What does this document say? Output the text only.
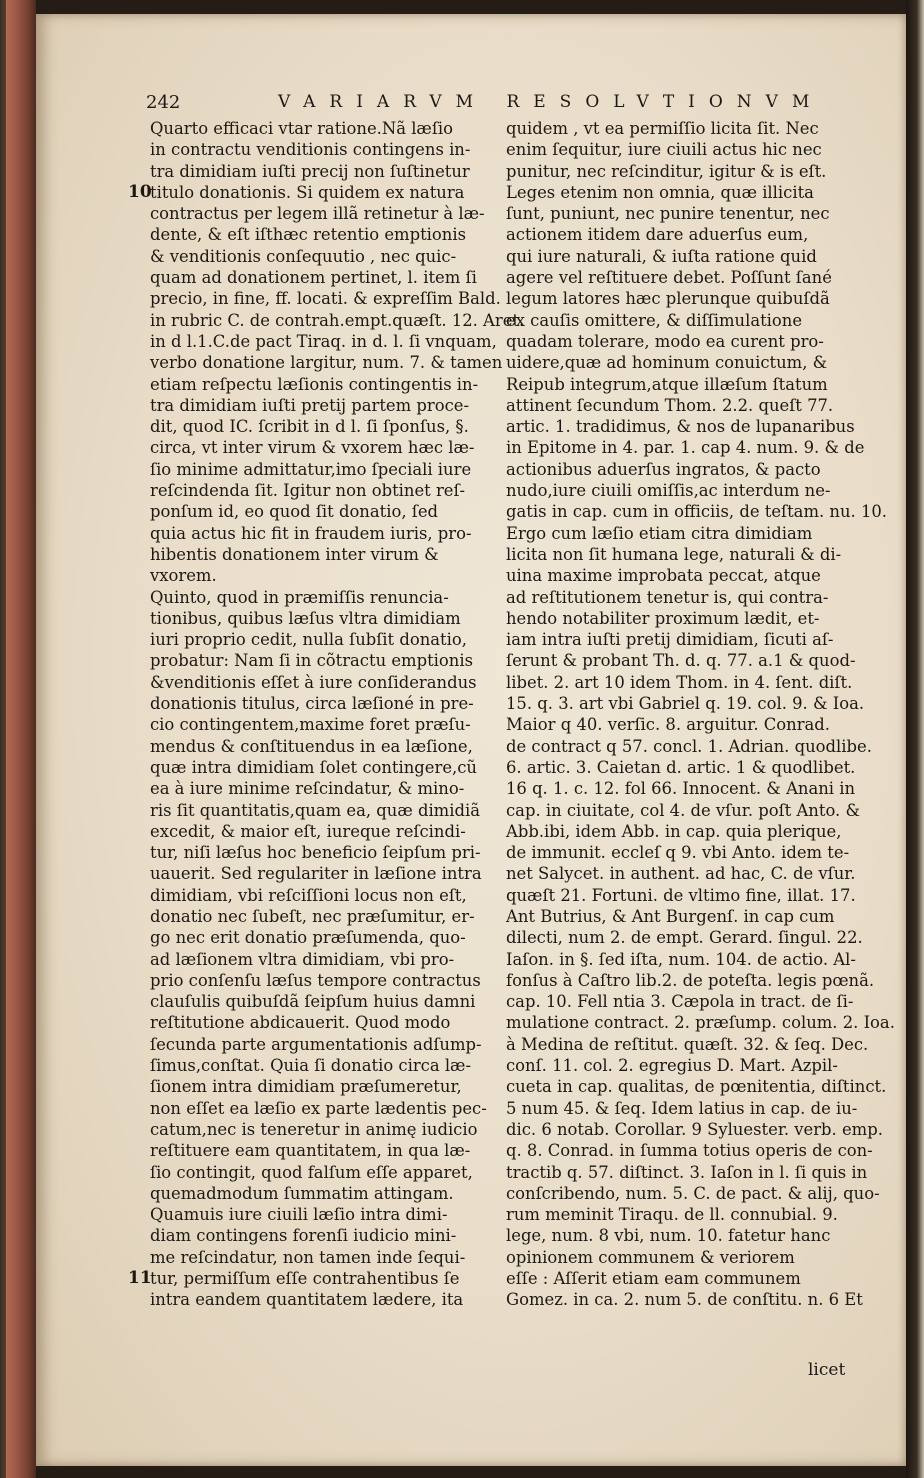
242	VARIARVM RESOLVTIONVM
10
11
Quarto efficaci vtar ratione.Nã læſio
in contractu venditionis contingens in-
tra dimidiam iuſti precij non ſuſtinetur
titulo donationis. Si quidem ex natura
contractus per legem illã retinetur à læ-
dente, & eſt iſthæc retentio emptionis
& venditionis conſequutio , nec quic-
quam ad donationem pertinet, l. item ſi
precio, in fine, ff. locati. & expreſſim Bald.
in rubric C. de contrah.empt.quæſt. 12. Aret.
in d l.1.C.de pact Tiraq. in d. l. ſi vnquam,
verbo donatione largitur, num. 7. & tamen
etiam reſpectu læſionis contingentis in-
tra dimidiam iuſti pretij partem proce-
dit, quod IC. ſcribit in d l. ſi ſponſus, §.
circa, vt inter virum & vxorem hæc læ-
ſio minime admittatur,imo ſpeciali iure
reſcindenda ſit. Igitur non obtinet reſ-
ponſum id, eo quod ſit donatio, ſed
quia actus hic fit in fraudem iuris, pro-
hibentis donationem inter virum &
vxorem.
Quinto, quod in præmiſſis renuncia-
tionibus, quibus læſus vltra dimidiam
iuri proprio cedit, nulla ſubſit donatio,
probatur: Nam ſi in cõtractu emptionis
&venditionis eſſet à iure conſiderandus
donationis titulus, circa læſioné in pre-
cio contingentem,maxime foret præſu-
mendus & conſtituendus in ea læſione,
quæ intra dimidiam ſolet contingere,cũ
ea à iure minime reſcindatur, & mino-
ris ſit quantitatis,quam ea, quæ dimidiã
excedit, & maior eſt, iureque reſcindi-
tur, niſi læſus hoc beneficio ſeipſum pri-
uauerit. Sed regulariter in læſione intra
dimidiam, vbi reſciſſioni locus non eſt,
donatio nec ſubeſt, nec præſumitur, er-
go nec erit donatio præſumenda, quo-
ad læſionem vltra dimidiam, vbi pro-
prio conſenſu læſus tempore contractus
clauſulis quibuſdã ſeipſum huius damni
reſtitutione abdicauerit. Quod modo
ſecunda parte argumentationis adſump-
ſimus,conſtat. Quia ſi donatio circa læ-
ſionem intra dimidiam præſumeretur,
non eſſet ea læſio ex parte lædentis pec-
catum,nec is teneretur in animę iudicio
reſtituere eam quantitatem, in qua læ-
ſio contingit, quod falſum eſſe apparet,
quemadmodum ſummatim attingam.
Quamuis iure ciuili læſio intra dimi-
diam contingens forenſi iudicio mini-
me reſcindatur, non tamen inde ſequi-
tur, permiſſum eſſe contrahentibus ſe
intra eandem quantitatem lædere, ita
quidem , vt ea permiſſio licita ſit. Nec
enim ſequitur, iure ciuili actus hic nec
punitur, nec reſcinditur, igitur & is eſt.
Leges etenim non omnia, quæ illicita
ſunt, puniunt, nec punire tenentur, nec
actionem itidem dare aduerſus eum,
qui iure naturali, & iuſta ratione quid
agere vel reſtituere debet. Poſſunt ſané
legum latores hæc plerunque quibuſdã
ex cauſis omittere, & diſſimulatione
quadam tolerare, modo ea curent pro-
uidere,quæ ad hominum conuictum, &
Reipub integrum,atque illæſum ſtatum
attinent ſecundum Thom. 2.2. queſt 77.
artic. 1. tradidimus, & nos de lupanaribus
in Epitome in 4. par. 1. cap 4. num. 9. & de
actionibus aduerſus ingratos, & pacto
nudo,iure ciuili omiſſis,ac interdum ne-
gatis in cap. cum in officiis, de teſtam. nu. 10.
Ergo cum læſio etiam citra dimidiam
licita non ſit humana lege, naturali & di-
uina maxime improbata peccat, atque
ad reſtitutionem tenetur is, qui contra-
hendo notabiliter proximum lædit, et-
iam intra iuſti pretij dimidiam, ſicuti aſ-
ſerunt & probant Th. d. q. 77. a.1 & quod-
libet. 2. art 10 idem Thom. in 4. ſent. diſt.
15. q. 3. art vbi Gabriel q. 19. col. 9. & Ioa.
Maior q 40. verſic. 8. arguitur. Conrad.
de contract q 57. concl. 1. Adrian. quodlibe.
6. artic. 3. Caietan d. artic. 1 & quodlibet.
16 q. 1. c. 12. fol 66. Innocent. & Anani in
cap. in ciuitate, col 4. de vſur. poſt Anto. &
Abb.ibi, idem Abb. in cap. quia plerique,
de immunit. eccleſ q 9. vbi Anto. idem te-
net Salycet. in authent. ad hac, C. de vſur.
quæſt 21. Fortuni. de vltimo fine, illat. 17.
Ant Butrius, & Ant Burgenſ. in cap cum
dilecti, num 2. de empt. Gerard. ſingul. 22.
Iaſon. in §. ſed iſta, num. 104. de actio. Al-
fonſus à Caſtro lib.2. de poteſta. legis pœnã.
cap. 10. Fell ntia 3. Cæpola in tract. de ſi-
mulatione contract. 2. præſump. colum. 2. Ioa.
à Medina de reſtitut. quæſt. 32. & ſeq. Dec.
conſ. 11. col. 2. egregius D. Mart. Azpil-
cueta in cap. qualitas, de pœnitentia, diſtinct.
5 num 45. & ſeq. Idem latius in cap. de iu-
dic. 6 notab. Corollar. 9 Syluester. verb. emp.
q. 8. Conrad. in ſumma totius operis de con-
tractib q. 57. diſtinct. 3. Iaſon in l. ſi quis in
conſcribendo, num. 5. C. de pact. & alij, quo-
rum meminit Tiraqu. de ll. connubial. 9.
lege, num. 8 vbi, num. 10. fatetur hanc
opinionem communem & veriorem
eſſe : Aſſerit etiam eam communem
Gomez. in ca. 2. num 5. de conſtitu. n. 6 Et
licet
